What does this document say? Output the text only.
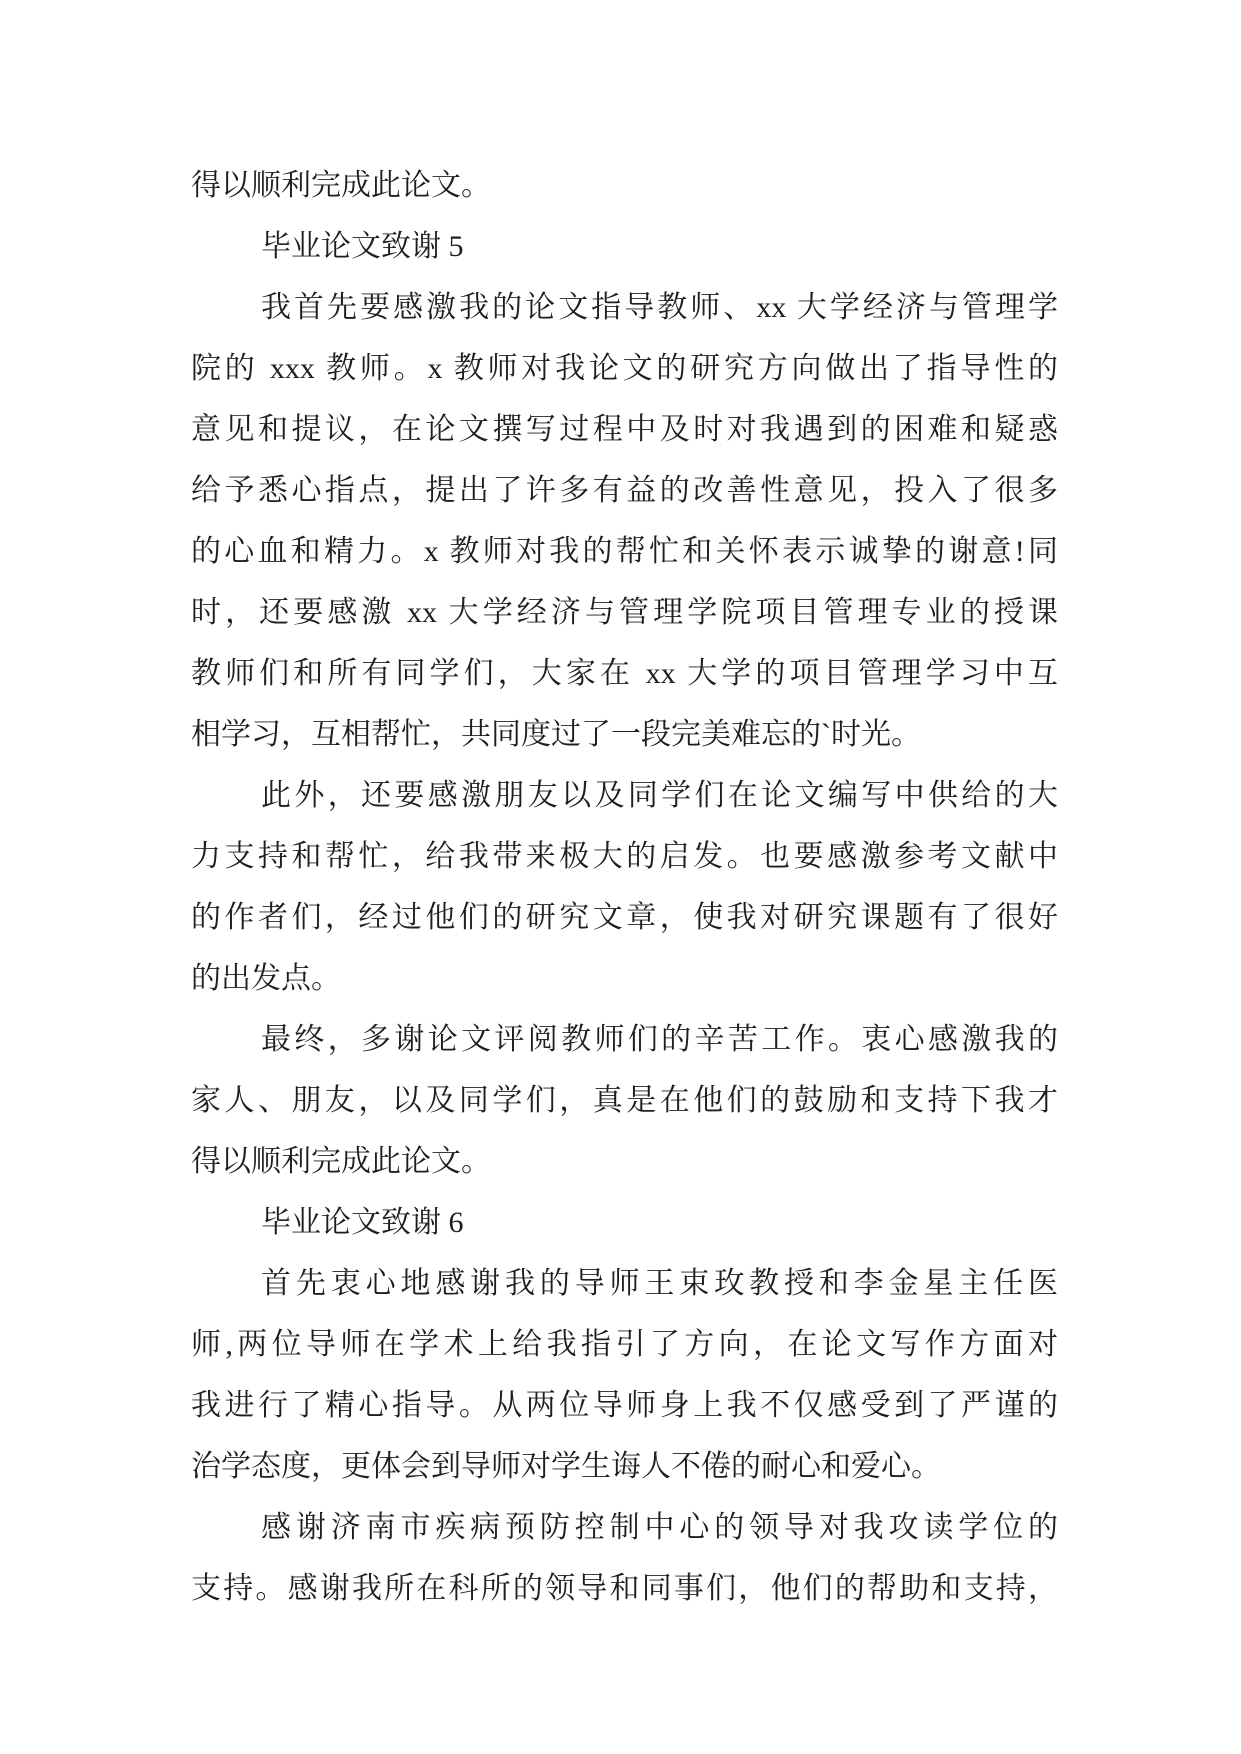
得以顺利完成此论文。
毕业论文致谢 5
我首先要感激我的论文指导教师、xx 大学经济与管理学
院的 xxx 教师。x 教师对我论文的研究方向做出了指导性的
意见和提议，在论文撰写过程中及时对我遇到的困难和疑惑
给予悉心指点，提出了许多有益的改善性意见，投入了很多
的心血和精力。x 教师对我的帮忙和关怀表示诚挚的谢意!同
时，还要感激 xx 大学经济与管理学院项目管理专业的授课
教师们和所有同学们，大家在 xx 大学的项目管理学习中互
相学习，互相帮忙，共同度过了一段完美难忘的`时光。
此外，还要感激朋友以及同学们在论文编写中供给的大
力支持和帮忙，给我带来极大的启发。也要感激参考文献中
的作者们，经过他们的研究文章，使我对研究课题有了很好
的出发点。
最终，多谢论文评阅教师们的辛苦工作。衷心感激我的
家人、朋友，以及同学们，真是在他们的鼓励和支持下我才
得以顺利完成此论文。
毕业论文致谢 6
首先衷心地感谢我的导师王束玫教授和李金星主任医
师,两位导师在学术上给我指引了方向，在论文写作方面对
我进行了精心指导。从两位导师身上我不仅感受到了严谨的
治学态度，更体会到导师对学生诲人不倦的耐心和爱心。
感谢济南市疾病预防控制中心的领导对我攻读学位的
支持。感谢我所在科所的领导和同事们，他们的帮助和支持，
